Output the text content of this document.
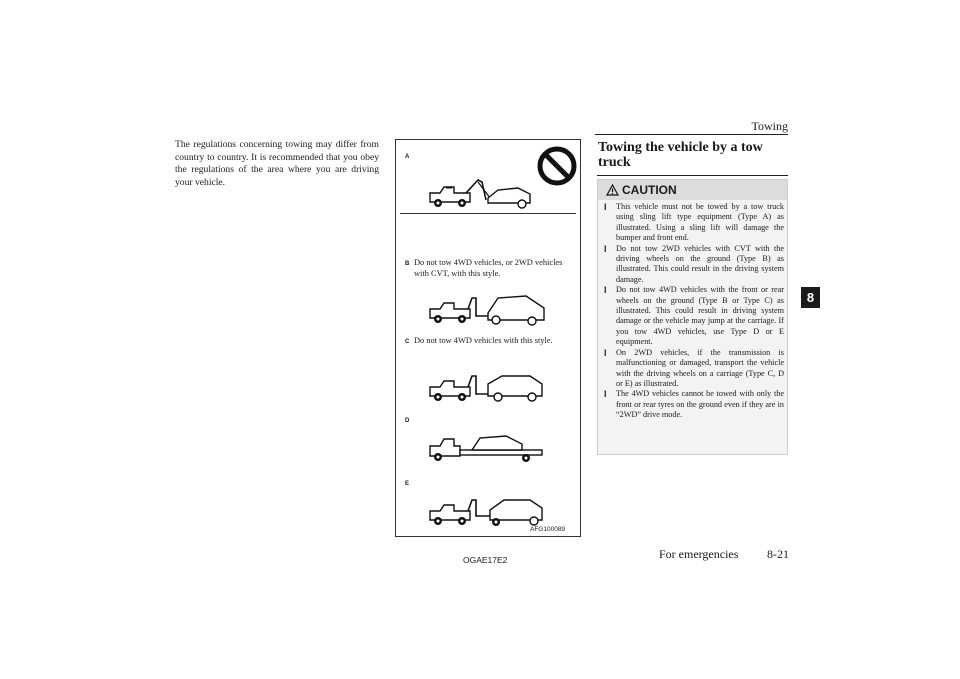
Towing
8
The regulations concerning towing may differ from country to country. It is recommended that you obey the regulations of the area where you are driving your vehicle.
A
B Do not tow 4WD vehicles, or 2WD vehicles with CVT, with this style.
C Do not tow 4WD vehicles with this style.
D
E
AFG100089
Towing the vehicle by a tow truck
CAUTION
l This vehicle must not be towed by a tow truck using sling lift type equipment (Type A) as illustrated. Using a sling lift will damage the bumper and front end.
l Do not tow 2WD vehicles with CVT with the driving wheels on the ground (Type B) as illustrated. This could result in the driving system damage.
l Do not tow 4WD vehicles with the front or rear wheels on the ground (Type B or Type C) as illustrated. This could result in driving system damage or the vehicle may jump at the carriage. If you tow 4WD vehicles, use Type D or E equipment.
l On 2WD vehicles, if the transmission is malfunctioning or damaged, transport the vehicle with the driving wheels on a carriage (Type C, D or E) as illustrated.
l The 4WD vehicles cannot be towed with only the front or rear tyres on the ground even if they are in “2WD” drive mode.
OGAE17E2	For emergencies 8-21
